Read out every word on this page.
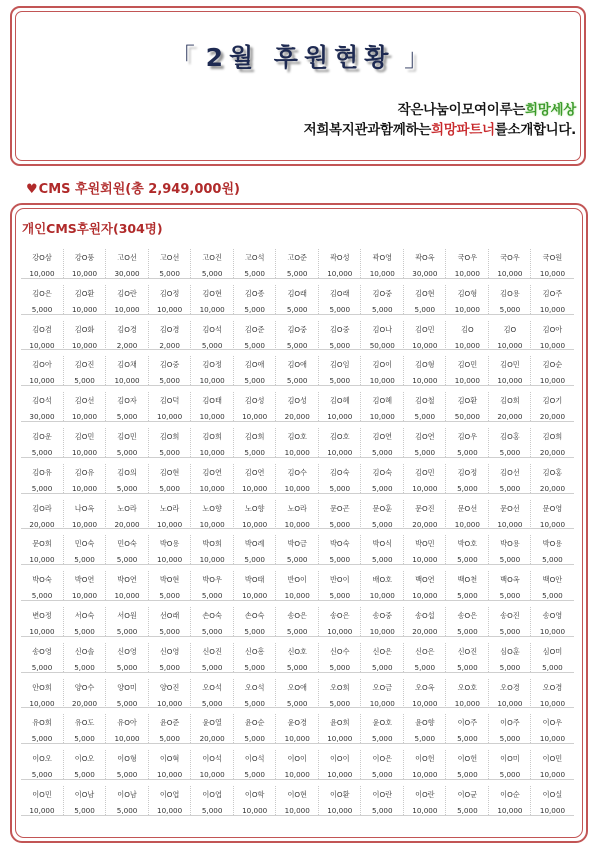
「 2월 후원현황 」
작은나눔이모여이루는희망세상
저희복지관과함께하는희망파트너를소개합니다.
♥CMS 후원회원(총 2,949,000원)
개인CMS후원자(304명)
강O삼
10,000
강O풍
10,000
고O선
30,000
고O선
5,000
고O진
5,000
고O석
5,000
고O준
5,000
곽O성
10,000
곽O영
10,000
곽O옥
30,000
국O우
10,000
국O우
10,000
국O원
10,000
김O은
5,000
김O환
10,000
김O란
10,000
김O정
10,000
김O현
10,000
김O종
5,000
김O래
5,000
김O래
5,000
김O중
5,000
김O현
5,000
김O형
10,000
김O용
5,000
김O주
10,000
김O겸
10,000
김O화
10,000
김O경
2,000
김O경
2,000
김O석
5,000
김O준
5,000
김O중
5,000
김O중
5,000
김O나
50,000
김O민
10,000
김O
10,000
김O
10,000
김O아
10,000
김O아
10,000
김O진
5,000
김O채
10,000
김O중
5,000
김O정
10,000
김O애
5,000
김O애
5,000
김O임
5,000
김O이
10,000
김O형
10,000
김O민
10,000
김O민
10,000
김O순
10,000
김O석
30,000
김O선
10,000
김O자
5,000
김O덕
10,000
김O태
10,000
김O성
10,000
김O성
20,000
김O혜
10,000
김O혜
10,000
김O철
5,000
김O환
50,000
김O희
20,000
김O기
20,000
김O운
5,000
김O민
10,000
김O민
5,000
김O희
5,000
김O희
10,000
김O희
5,000
김O호
10,000
김O호
10,000
김O연
5,000
김O연
5,000
김O우
5,000
김O홍
5,000
김O희
20,000
김O유
5,000
김O유
10,000
김O의
5,000
김O현
5,000
김O연
10,000
김O연
10,000
김O수
10,000
김O숙
5,000
김O숙
5,000
김O민
10,000
김O정
5,000
김O선
5,000
김O홍
20,000
김O라
20,000
나O옥
10,000
노O라
20,000
노O라
10,000
노O향
10,000
노O향
10,000
노O라
10,000
문O곤
5,000
문O훈
5,000
문O진
20,000
문O선
10,000
문O선
10,000
문O영
10,000
문O희
10,000
민O숙
5,000
민O숙
5,000
박O용
10,000
박O희
10,000
박O례
5,000
박O금
5,000
박O숙
5,000
박O식
5,000
박O민
10,000
박O호
5,000
박O용
5,000
박O용
5,000
박O숙
5,000
박O연
10,000
박O연
10,000
박O현
5,000
박O우
5,000
박O태
10,000
반O이
10,000
반O이
5,000
배O호
10,000
백O연
10,000
백O천
5,000
백O옥
5,000
백O안
5,000
변O정
10,000
서O숙
5,000
서O원
5,000
선O래
5,000
손O숙
5,000
손O숙
5,000
송O은
5,000
송O은
10,000
송O중
10,000
송O섭
20,000
송O은
5,000
송O진
5,000
송O영
10,000
송O영
5,000
신O솔
5,000
신O영
5,000
신O영
5,000
신O진
5,000
신O흥
5,000
신O호
5,000
신O수
5,000
신O은
5,000
신O은
5,000
신O진
5,000
심O훈
5,000
심O미
5,000
안O희
10,000
양O수
20,000
양O미
5,000
양O진
10,000
오O석
5,000
오O석
5,000
오O애
5,000
오O희
5,000
오O금
10,000
오O옥
10,000
오O호
10,000
오O경
10,000
오O경
10,000
유O희
5,000
유O도
5,000
유O아
10,000
윤O준
5,000
윤O열
20,000
윤O순
5,000
윤O경
10,000
윤O희
10,000
윤O호
5,000
윤O향
5,000
이O주
5,000
이O주
5,000
이O우
10,000
이O오
5,000
이O오
5,000
이O형
5,000
이O혁
10,000
이O석
10,000
이O석
5,000
이O이
10,000
이O이
10,000
이O은
5,000
이O헌
10,000
이O헌
5,000
이O미
5,000
이O민
10,000
이O민
10,000
이O남
5,000
이O남
5,000
이O엽
10,000
이O엽
5,000
이O학
10,000
이O현
10,000
이O환
10,000
이O란
5,000
이O란
10,000
이O균
5,000
이O순
10,000
이O실
10,000
